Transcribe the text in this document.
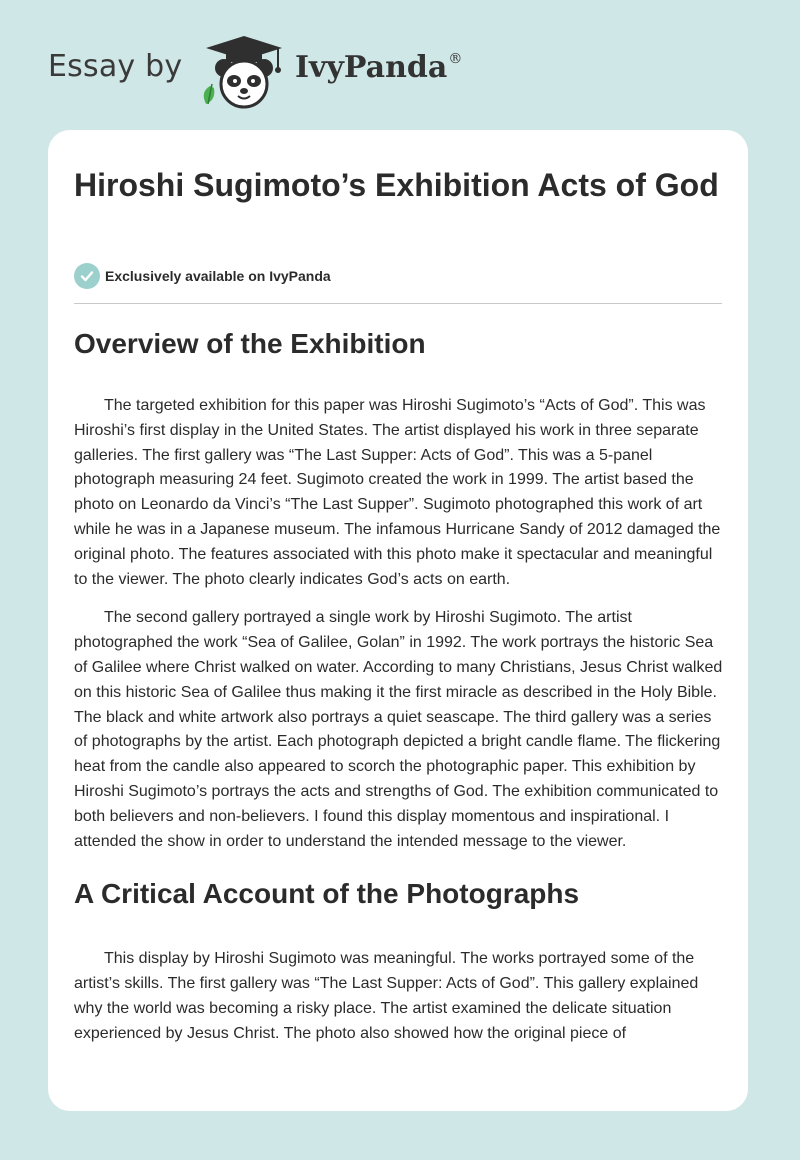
Essay by	IvyPanda®
Hiroshi Sugimoto’s Exhibition Acts of God
Exclusively available on IvyPanda
Overview of the Exhibition

The targeted exhibition for this paper was Hiroshi Sugimoto’s “Acts of God”. This was Hiroshi’s first display in the United States. The artist displayed his work in three separate galleries. The first gallery was “The Last Supper: Acts of God”. This was a 5-panel photograph measuring 24 feet. Sugimoto created the work in 1999. The artist based the photo on Leonardo da Vinci’s “The Last Supper”. Sugimoto photographed this work of art while he was in a Japanese museum. The infamous Hurricane Sandy of 2012 damaged the original photo. The features associated with this photo make it spectacular and meaningful to the viewer. The photo clearly indicates God’s acts on earth.

The second gallery portrayed a single work by Hiroshi Sugimoto. The artist photographed the work “Sea of Galilee, Golan” in 1992. The work portrays the historic Sea of Galilee where Christ walked on water. According to many Christians, Jesus Christ walked on this historic Sea of Galilee thus making it the first miracle as described in the Holy Bible. The black and white artwork also portrays a quiet seascape. The third gallery was a series of photographs by the artist. Each photograph depicted a bright candle flame. The flickering heat from the candle also appeared to scorch the photographic paper. This exhibition by Hiroshi Sugimoto’s portrays the acts and strengths of God. The exhibition communicated to both believers and non-believers. I found this display momentous and inspirational. I attended the show in order to understand the intended message to the viewer.

A Critical Account of the Photographs

This display by Hiroshi Sugimoto was meaningful. The works portrayed some of the artist’s skills. The first gallery was “The Last Supper: Acts of God”. This gallery explained why the world was becoming a risky place. The artist examined the delicate situation experienced by Jesus Christ. The photo also showed how the original piece of
